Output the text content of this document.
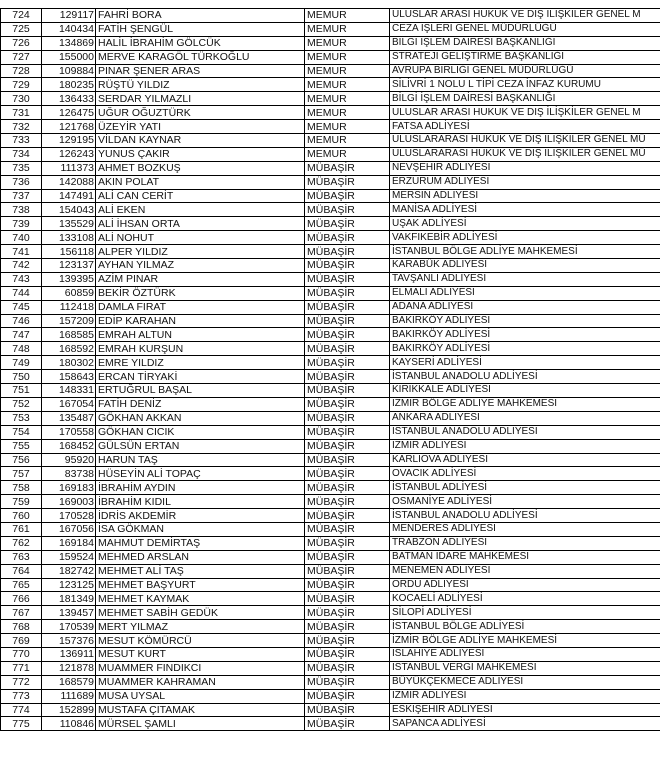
724	129117	FAHRİ BORA	MEMUR	ULUSLAR ARASI HUKUK VE DIŞ İLİŞKİLER GENEL M
725	140434	FATİH ŞENGÜL	MEMUR	CEZA İŞLERİ GENEL MÜDÜRLÜĞÜ
726	134869	HALİL İBRAHİM GÖLCÜK	MEMUR	BİLGİ İŞLEM DAİRESİ BAŞKANLIĞI
727	155000	MERVE KARAGÖL TÜRKOĞLU	MEMUR	STRATEJİ GELİŞTİRME BAŞKANLIĞI
728	109884	PINAR ŞENER ARAS	MEMUR	AVRUPA BİRLİĞİ GENEL MÜDÜRLÜĞÜ
729	180235	RÜŞTÜ YILDIZ	MEMUR	SİLİVRİ 1 NOLU L TİPİ CEZA İNFAZ KURUMU
730	136433	SERDAR YILMAZLI	MEMUR	BİLGİ İŞLEM DAİRESİ BAŞKANLIĞI
731	126475	UĞUR OĞUZTÜRK	MEMUR	ULUSLAR ARASI HUKUK VE DIŞ İLİŞKİLER GENEL M
732	121768	ÜZEYİR YATI	MEMUR	FATSA ADLİYESİ
733	129195	VİLDAN KAYNAR	MEMUR	ULUSLARARASI HUKUK VE DIŞ İLİŞKİLER GENEL MÜ
734	126243	YUNUS ÇAKIR	MEMUR	ULUSLARARASI HUKUK VE DIŞ İLİŞKİLER GENEL MÜ
735	111373	AHMET BOZKUŞ	MÜBAŞİR	NEVŞEHİR ADLİYESİ
736	142088	AKIN POLAT	MÜBAŞİR	ERZURUM ADLİYESİ
737	147491	ALİ CAN CERİT	MÜBAŞİR	MERSİN ADLİYESİ
738	154043	ALİ EKEN	MÜBAŞİR	MANİSA ADLİYESİ
739	135529	ALİ İHSAN ORTA	MÜBAŞİR	UŞAK ADLİYESİ
740	133108	ALİ NOHUT	MÜBAŞİR	VAKFIKEBİR ADLİYESİ
741	156118	ALPER YILDIZ	MÜBAŞİR	İSTANBUL BÖLGE ADLİYE MAHKEMESİ
742	123137	AYHAN YILMAZ	MÜBAŞİR	KARABÜK ADLİYESİ
743	139395	AZİM PINAR	MÜBAŞİR	TAVŞANLI ADLİYESİ
744	60859	BEKİR ÖZTÜRK	MÜBAŞİR	ELMALI ADLİYESİ
745	112418	DAMLA FIRAT	MÜBAŞİR	ADANA ADLİYESİ
746	157209	EDİP KARAHAN	MÜBAŞİR	BAKIRKÖY ADLİYESİ
747	168585	EMRAH ALTUN	MÜBAŞİR	BAKIRKÖY ADLİYESİ
748	168592	EMRAH KURŞUN	MÜBAŞİR	BAKIRKÖY ADLİYESİ
749	180302	EMRE YILDIZ	MÜBAŞİR	KAYSERİ ADLİYESİ
750	158643	ERCAN TİRYAKİ	MÜBAŞİR	İSTANBUL ANADOLU ADLİYESİ
751	148331	ERTUĞRUL BAŞAL	MÜBAŞİR	KIRIKKALE ADLİYESİ
752	167054	FATİH DENİZ	MÜBAŞİR	İZMİR BÖLGE ADLİYE MAHKEMESİ
753	135487	GÖKHAN AKKAN	MÜBAŞİR	ANKARA ADLİYESİ
754	170558	GÖKHAN CICIK	MÜBAŞİR	İSTANBUL ANADOLU ADLİYESİ
755	168452	GÜLSÜN ERTAN	MÜBAŞİR	İZMİR ADLİYESİ
756	95920	HARUN TAŞ	MÜBAŞİR	KARLIOVA ADLİYESİ
757	83738	HÜSEYİN ALİ TOPAÇ	MÜBAŞİR	OVACIK ADLİYESİ
758	169183	İBRAHİM AYDIN	MÜBAŞİR	İSTANBUL ADLİYESİ
759	169003	İBRAHİM KIDIL	MÜBAŞİR	OSMANİYE ADLİYESİ
760	170528	İDRİS AKDEMİR	MÜBAŞİR	İSTANBUL ANADOLU ADLİYESİ
761	167056	İSA GÖKMAN	MÜBAŞİR	MENDERES ADLİYESİ
762	169184	MAHMUT DEMİRTAŞ	MÜBAŞİR	TRABZON ADLİYESİ
763	159524	MEHMED ARSLAN	MÜBAŞİR	BATMAN İDARE MAHKEMESİ
764	182742	MEHMET ALİ TAŞ	MÜBAŞİR	MENEMEN ADLİYESİ
765	123125	MEHMET BAŞYURT	MÜBAŞİR	ORDU ADLİYESİ
766	181349	MEHMET KAYMAK	MÜBAŞİR	KOCAELİ ADLİYESİ
767	139457	MEHMET SABİH GEDÜK	MÜBAŞİR	SİLOPİ ADLİYESİ
768	170539	MERT YILMAZ	MÜBAŞİR	İSTANBUL BÖLGE ADLİYESİ
769	157376	MESUT KÖMÜRCÜ	MÜBAŞİR	İZMİR BÖLGE ADLİYE MAHKEMESİ
770	136911	MESUT KURT	MÜBAŞİR	İSLAHİYE ADLİYESİ
771	121878	MUAMMER FINDIKCI	MÜBAŞİR	İSTANBUL VERGİ MAHKEMESİ
772	168579	MUAMMER KAHRAMAN	MÜBAŞİR	BÜYÜKÇEKMECE ADLİYESİ
773	111689	MUSA UYSAL	MÜBAŞİR	İZMİR ADLİYESİ
774	152899	MUSTAFA ÇITAMAK	MÜBAŞİR	ESKİŞEHİR ADLİYESİ
775	110846	MÜRSEL ŞAMLI	MÜBAŞİR	SAPANCA ADLİYESİ
